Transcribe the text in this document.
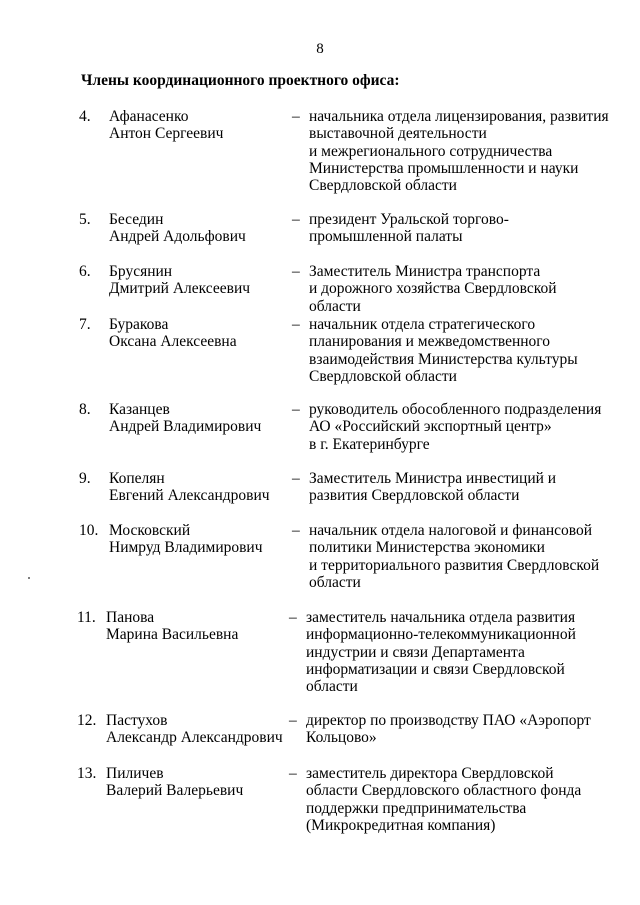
8
Члены координационного проектного офиса:
4. Афанасенко
Антон Сергеевич
– начальника отдела лицензирования, развития выставочной деятельности
и межрегионального сотрудничества Министерства промышленности и науки Свердловской области
5. Беседин
Андрей Адольфович
– президент Уральской торгово-промышленной палаты
6. Брусянин
Дмитрий Алексеевич
– Заместитель Министра транспорта
и дорожного хозяйства Свердловской области
7. Буракова
Оксана Алексеевна
– начальник отдела стратегического планирования и межведомственного взаимодействия Министерства культуры Свердловской области
8. Казанцев
Андрей Владимирович
– руководитель обособленного подразделения АО «Российский экспортный центр»
в г. Екатеринбурге
9. Копелян
Евгений Александрович
– Заместитель Министра инвестиций и развития Свердловской области
10. Московский
Нимруд Владимирович
– начальник отдела налоговой и финансовой политики Министерства экономики
и территориального развития Свердловской области
11. Панова
Марина Васильевна
– заместитель начальника отдела развития информационно-телекоммуникационной индустрии и связи Департамента информатизации и связи Свердловской области
12. Пастухов
Александр Александрович
– директор по производству ПАО «Аэропорт Кольцово»
13. Пиличев
Валерий Валерьевич
– заместитель директора Свердловской области Свердловского областного фонда поддержки предпринимательства (Микрокредитная компания)
